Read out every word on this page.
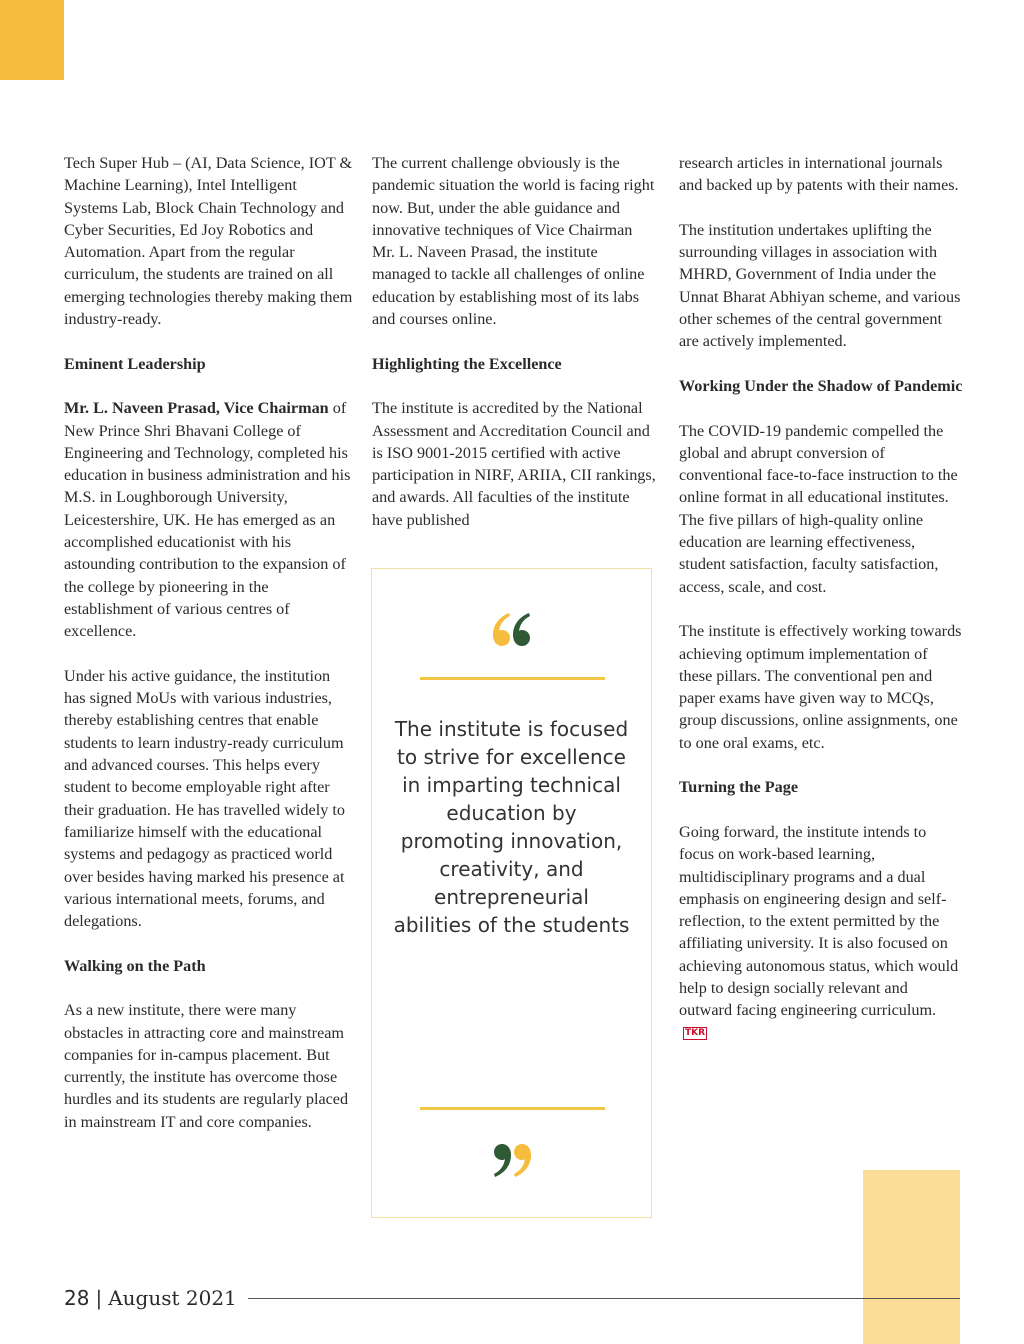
Tech Super Hub – (AI, Data Science, IOT & Machine Learning), Intel Intelligent Systems Lab, Block Chain Technology and Cyber Securities, Ed Joy Robotics and Automation. Apart from the regular curriculum, the students are trained on all emerging technologies thereby making them industry-ready.

Eminent Leadership

Mr. L. Naveen Prasad, Vice Chairman of New Prince Shri Bhavani College of Engineering and Technology, completed his education in business administration and his M.S. in Loughborough University, Leicestershire, UK. He has emerged as an accomplished educationist with his astounding contribution to the expansion of the college by pioneering in the establishment of various centres of excellence.

Under his active guidance, the institution has signed MoUs with various industries, thereby establishing centres that enable students to learn industry-ready curriculum and advanced courses. This helps every student to become employable right after their graduation. He has travelled widely to familiarize himself with the educational systems and pedagogy as practiced world over besides having marked his presence at various international meets, forums, and delegations.

Walking on the Path

As a new institute, there were many obstacles in attracting core and mainstream companies for in-campus placement. But currently, the institute has overcome those hurdles and its students are regularly placed in mainstream IT and core companies.

The current challenge obviously is the pandemic situation the world is facing right now. But, under the able guidance and innovative techniques of Vice Chairman Mr. L. Naveen Prasad, the institute managed to tackle all challenges of online education by establishing most of its labs and courses online.

Highlighting the Excellence

The institute is accredited by the National Assessment and Accreditation Council and is ISO 9001-2015 certified with active participation in NIRF, ARIIA, CII rankings, and awards. All faculties of the institute have published

The institute is focused to strive for excellence in imparting technical education by promoting innovation, creativity, and entrepreneurial abilities of the students

research articles in international journals and backed up by patents with their names.

The institution undertakes uplifting the surrounding villages in association with MHRD, Government of India under the Unnat Bharat Abhiyan scheme, and various other schemes of the central government are actively implemented.

Working Under the Shadow of Pandemic

The COVID-19 pandemic compelled the global and abrupt conversion of conventional face-to-face instruction to the online format in all educational institutes. The five pillars of high-quality online education are learning effectiveness, student satisfaction, faculty satisfaction, access, scale, and cost.

The institute is effectively working towards achieving optimum implementation of these pillars. The conventional pen and paper exams have given way to MCQs, group discussions, online assignments, one to one oral exams, etc.

Turning the Page

Going forward, the institute intends to focus on work-based learning, multidisciplinary programs and a dual emphasis on engineering design and self-reflection, to the extent permitted by the affiliating university. It is also focused on achieving autonomous status, which would help to design socially relevant and outward facing engineering curriculum.TKR

28 | August 2021
